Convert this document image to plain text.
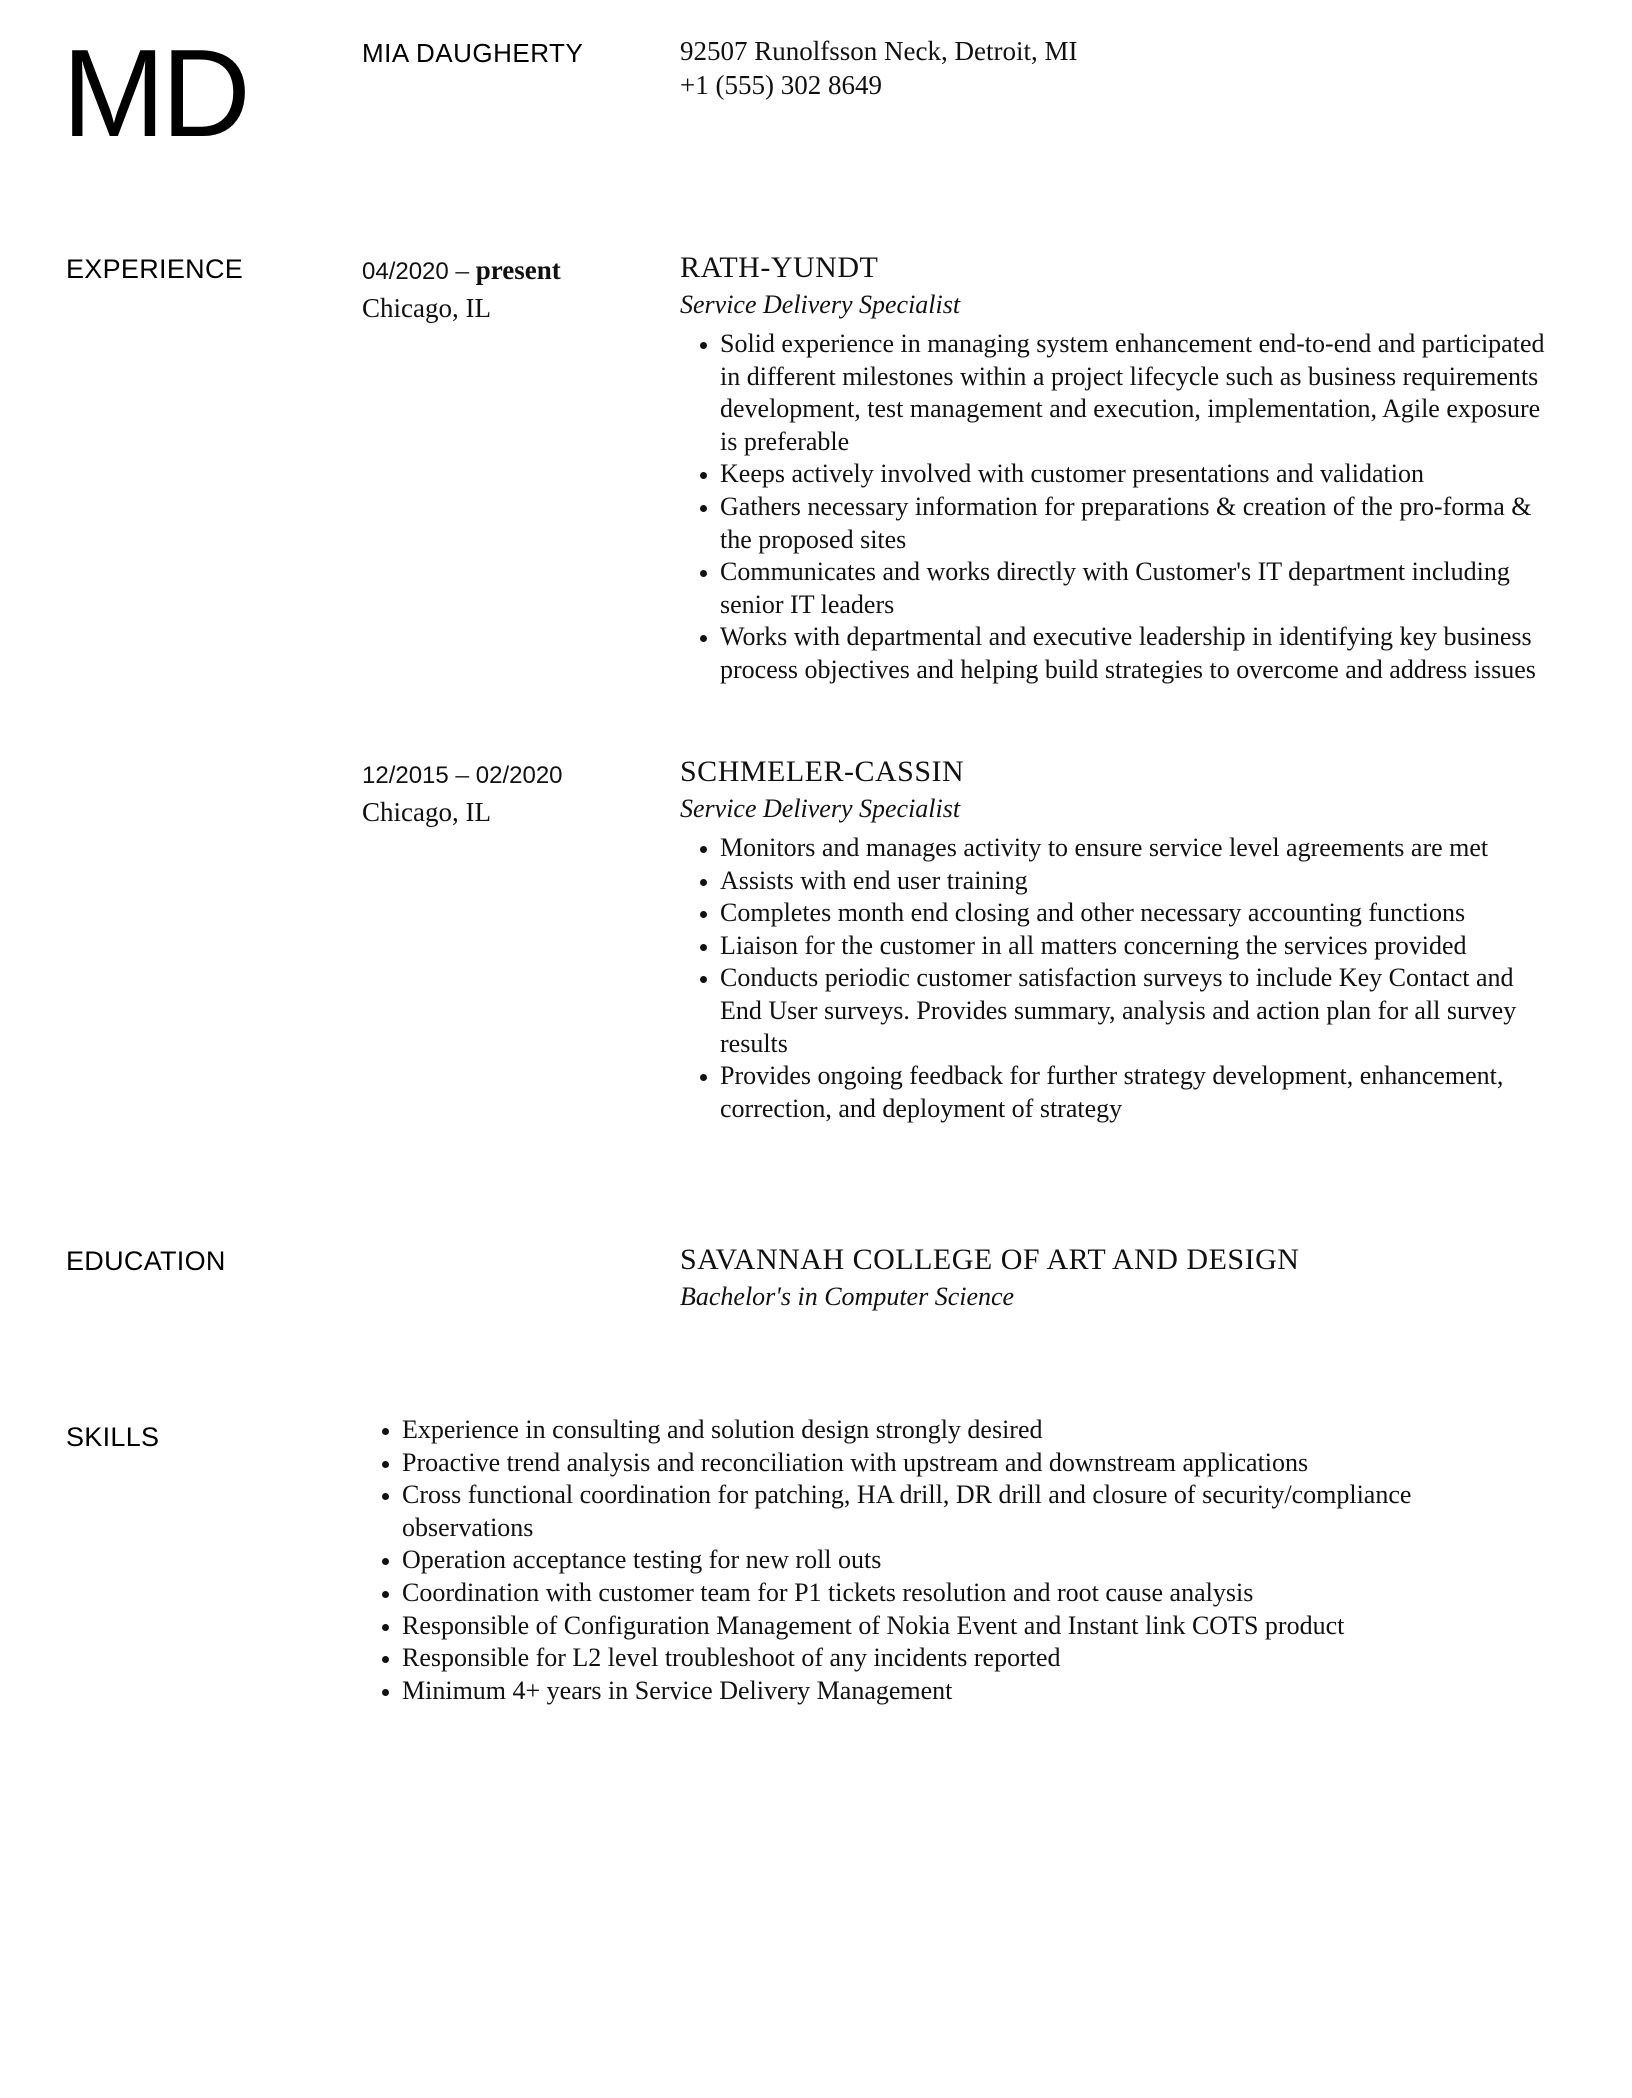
MD	MIA DAUGHERTY	92507 Runolfsson Neck, Detroit, MI
+1 (555) 302 8649
EXPERIENCE	04/2020 – present
Chicago, IL
RATH-YUNDT
Service Delivery Specialist
• Solid experience in managing system enhancement end-to-end and participated in different milestones within a project lifecycle such as business requirements development, test management and execution, implementation, Agile exposure is preferable
• Keeps actively involved with customer presentations and validation
• Gathers necessary information for preparations & creation of the pro-forma & the proposed sites
• Communicates and works directly with Customer's IT department including senior IT leaders
• Works with departmental and executive leadership in identifying key business process objectives and helping build strategies to overcome and address issues
12/2015 – 02/2020
Chicago, IL
SCHMELER-CASSIN
Service Delivery Specialist
• Monitors and manages activity to ensure service level agreements are met
• Assists with end user training
• Completes month end closing and other necessary accounting functions
• Liaison for the customer in all matters concerning the services provided
• Conducts periodic customer satisfaction surveys to include Key Contact and End User surveys. Provides summary, analysis and action plan for all survey results
• Provides ongoing feedback for further strategy development, enhancement, correction, and deployment of strategy
EDUCATION	SAVANNAH COLLEGE OF ART AND DESIGN
Bachelor's in Computer Science
SKILLS
•	Experience in consulting and solution design strongly desired
• Proactive trend analysis and reconciliation with upstream and downstream applications
• Cross functional coordination for patching, HA drill, DR drill and closure of security/compliance observations
• Operation acceptance testing for new roll outs
• Coordination with customer team for P1 tickets resolution and root cause analysis
• Responsible of Configuration Management of Nokia Event and Instant link COTS product
• Responsible for L2 level troubleshoot of any incidents reported
• Minimum 4+ years in Service Delivery Management
